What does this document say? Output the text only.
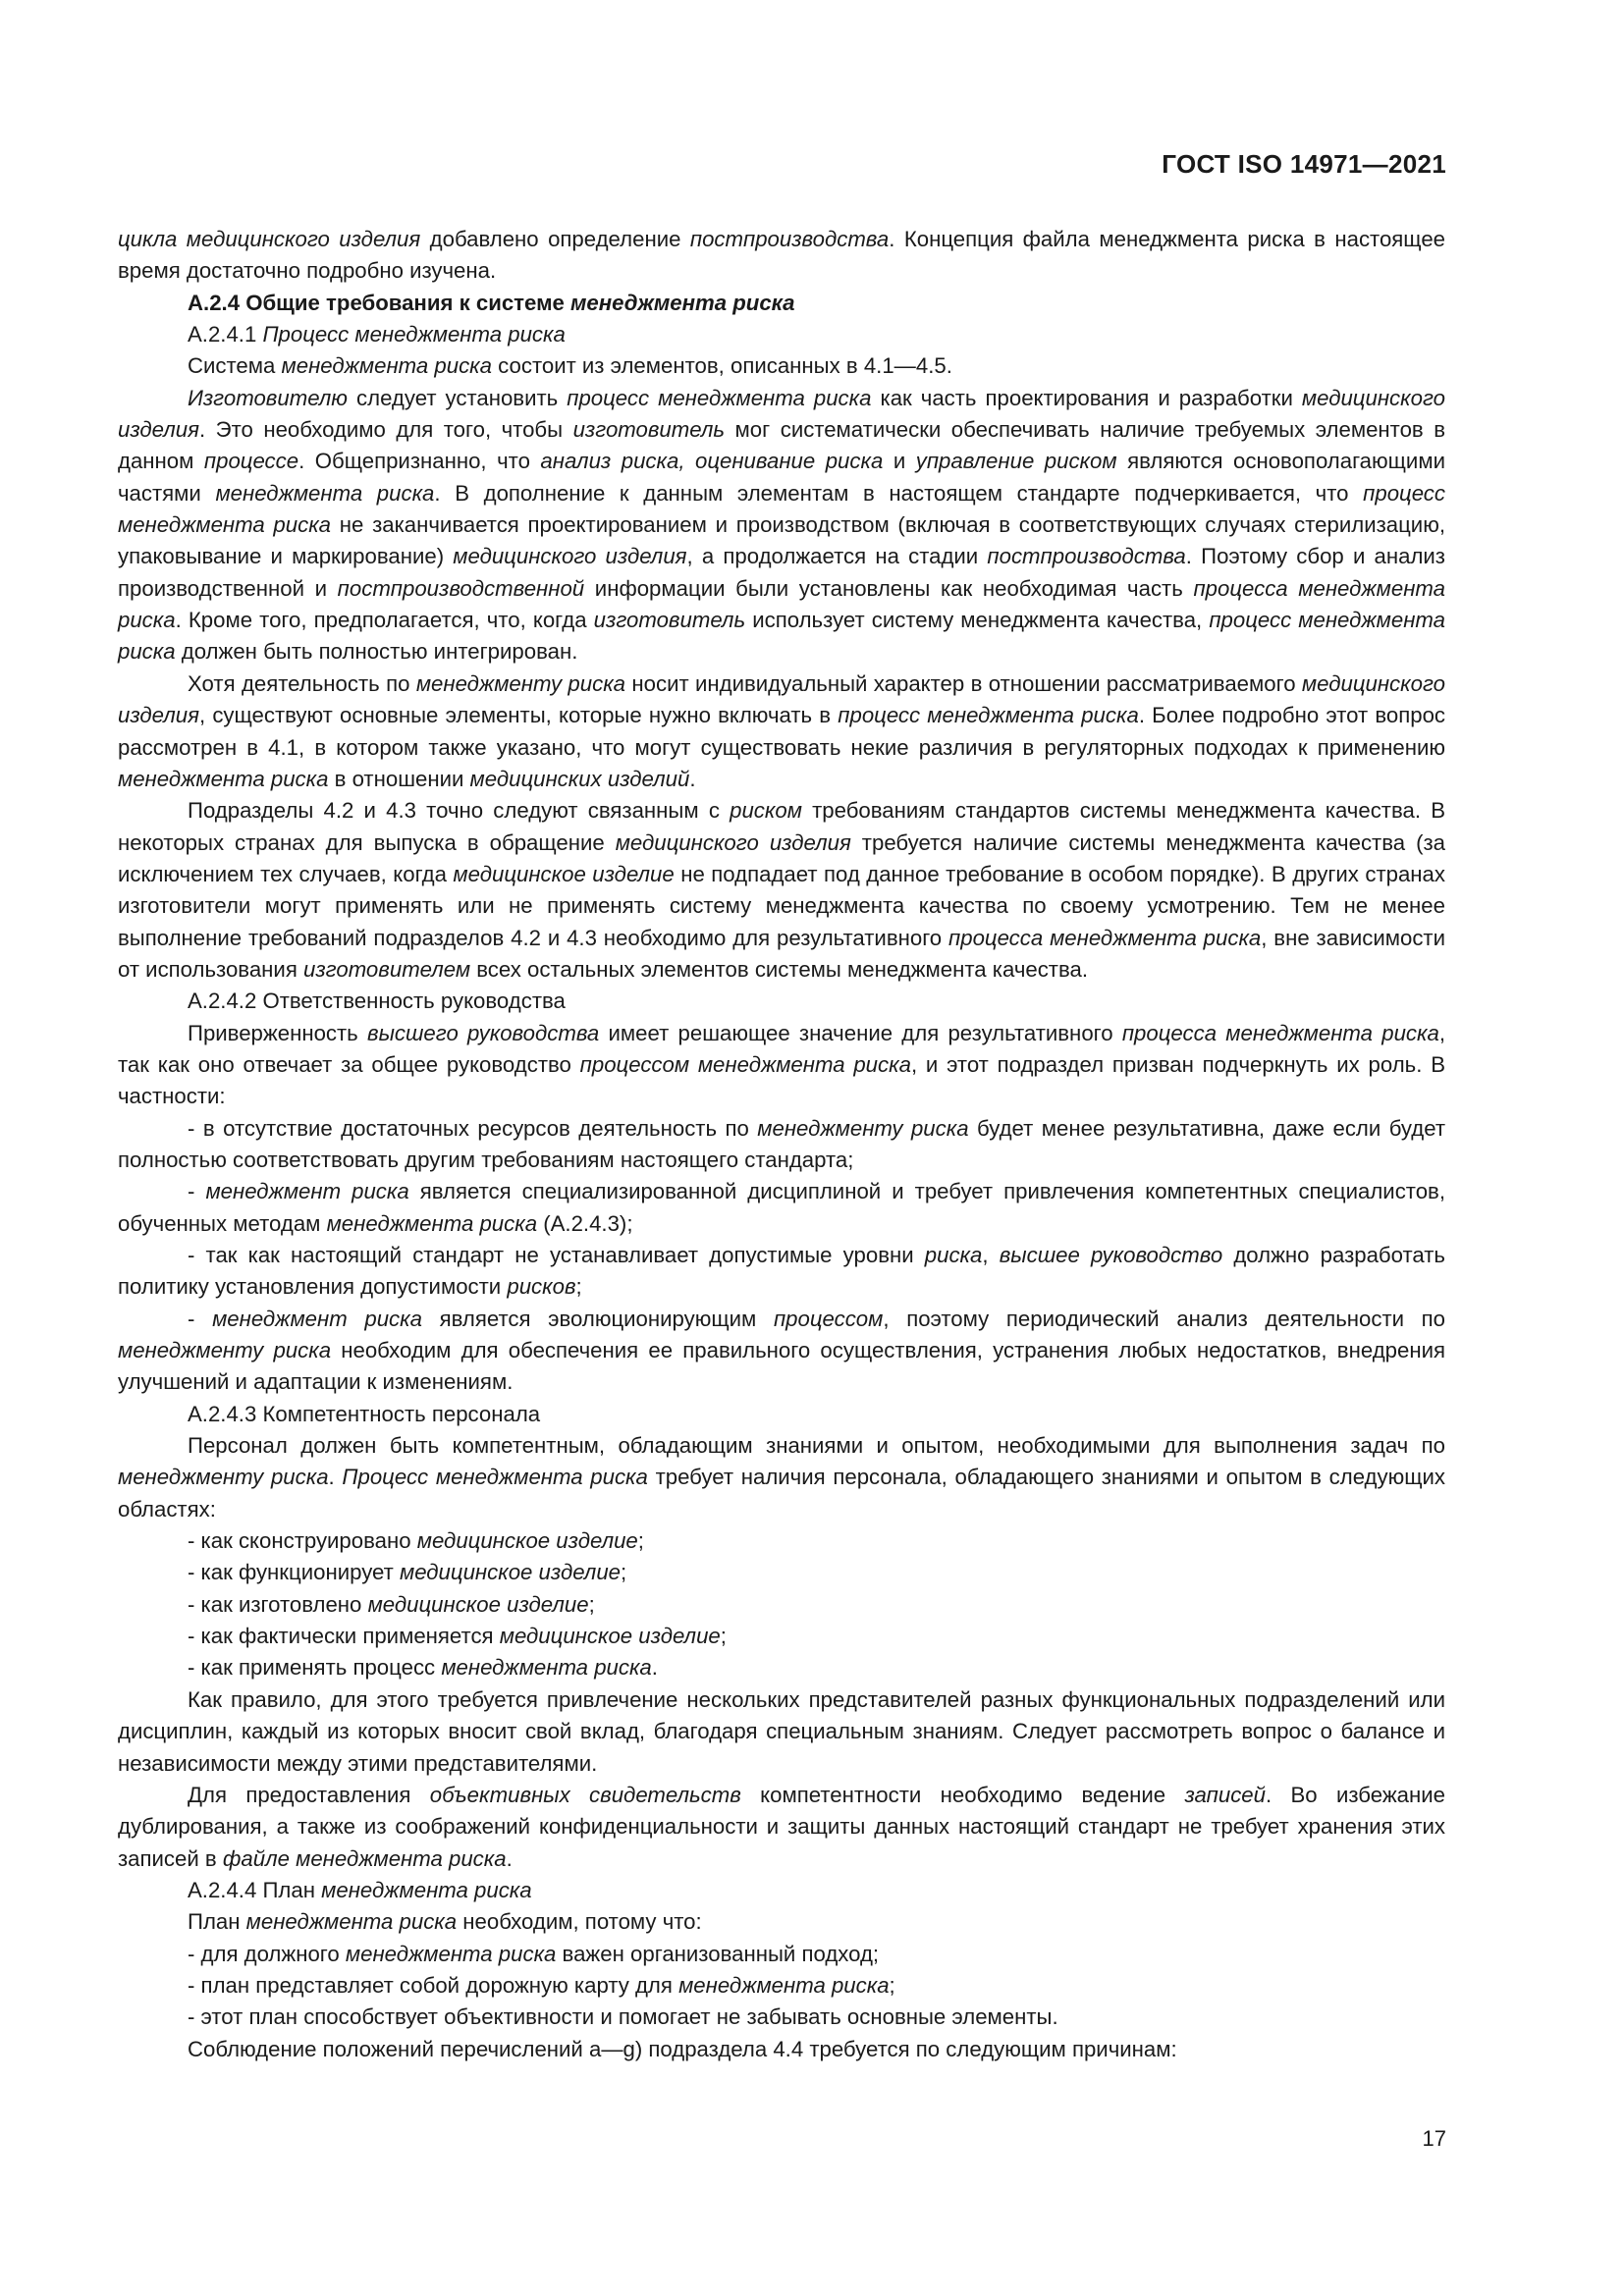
ГОСТ ISO 14971—2021

цикла медицинского изделия добавлено определение постпроизводства. Концепция файла менеджмента риска в настоящее время достаточно подробно изучена.

А.2.4 Общие требования к системе менеджмента риска

А.2.4.1 Процесс менеджмента риска

Система менеджмента риска состоит из элементов, описанных в 4.1—4.5.

Изготовителю следует установить процесс менеджмента риска как часть проектирования и разработки медицинского изделия. Это необходимо для того, чтобы изготовитель мог систематически обеспечивать наличие требуемых элементов в данном процессе. Общепризнанно, что анализ риска, оценивание риска и управление риском являются основополагающими частями менеджмента риска. В дополнение к данным элементам в настоящем стандарте подчеркивается, что процесс менеджмента риска не заканчивается проектированием и производством (включая в соответствующих случаях стерилизацию, упаковывание и маркирование) медицинского изделия, а продолжается на стадии постпроизводства. Поэтому сбор и анализ производственной и постпроизводственной информации были установлены как необходимая часть процесса менеджмента риска. Кроме того, предполагается, что, когда изготовитель использует систему менеджмента качества, процесс менеджмента риска должен быть полностью интегрирован.

Хотя деятельность по менеджменту риска носит индивидуальный характер в отношении рассматриваемого медицинского изделия, существуют основные элементы, которые нужно включать в процесс менеджмента риска. Более подробно этот вопрос рассмотрен в 4.1, в котором также указано, что могут существовать некие различия в регуляторных подходах к применению менеджмента риска в отношении медицинских изделий.

Подразделы 4.2 и 4.3 точно следуют связанным с риском требованиям стандартов системы менеджмента качества. В некоторых странах для выпуска в обращение медицинского изделия требуется наличие системы менеджмента качества (за исключением тех случаев, когда медицинское изделие не подпадает под данное требование в особом порядке). В других странах изготовители могут применять или не применять систему менеджмента качества по своему усмотрению. Тем не менее выполнение требований подразделов 4.2 и 4.3 необходимо для результативного процесса менеджмента риска, вне зависимости от использования изготовителем всех остальных элементов системы менеджмента качества.

А.2.4.2 Ответственность руководства

Приверженность высшего руководства имеет решающее значение для результативного процесса менеджмента риска, так как оно отвечает за общее руководство процессом менеджмента риска, и этот подраздел призван подчеркнуть их роль. В частности:

- в отсутствие достаточных ресурсов деятельность по менеджменту риска будет менее результативна, даже если будет полностью соответствовать другим требованиям настоящего стандарта;

- менеджмент риска является специализированной дисциплиной и требует привлечения компетентных специалистов, обученных методам менеджмента риска (А.2.4.3);

- так как настоящий стандарт не устанавливает допустимые уровни риска, высшее руководство должно разработать политику установления допустимости рисков;

- менеджмент риска является эволюционирующим процессом, поэтому периодический анализ деятельности по менеджменту риска необходим для обеспечения ее правильного осуществления, устранения любых недостатков, внедрения улучшений и адаптации к изменениям.

А.2.4.3 Компетентность персонала

Персонал должен быть компетентным, обладающим знаниями и опытом, необходимыми для выполнения задач по менеджменту риска. Процесс менеджмента риска требует наличия персонала, обладающего знаниями и опытом в следующих областях:

- как сконструировано медицинское изделие;

- как функционирует медицинское изделие;

- как изготовлено медицинское изделие;

- как фактически применяется медицинское изделие;

- как применять процесс менеджмента риска.

Как правило, для этого требуется привлечение нескольких представителей разных функциональных подразделений или дисциплин, каждый из которых вносит свой вклад, благодаря специальным знаниям. Следует рассмотреть вопрос о балансе и независимости между этими представителями.

Для предоставления объективных свидетельств компетентности необходимо ведение записей. Во избежание дублирования, а также из соображений конфиденциальности и защиты данных настоящий стандарт не требует хранения этих записей в файле менеджмента риска.

А.2.4.4 План менеджмента риска

План менеджмента риска необходим, потому что:

- для должного менеджмента риска важен организованный подход;

- план представляет собой дорожную карту для менеджмента риска;

- этот план способствует объективности и помогает не забывать основные элементы.

Соблюдение положений перечислений a—g) подраздела 4.4 требуется по следующим причинам:

17
